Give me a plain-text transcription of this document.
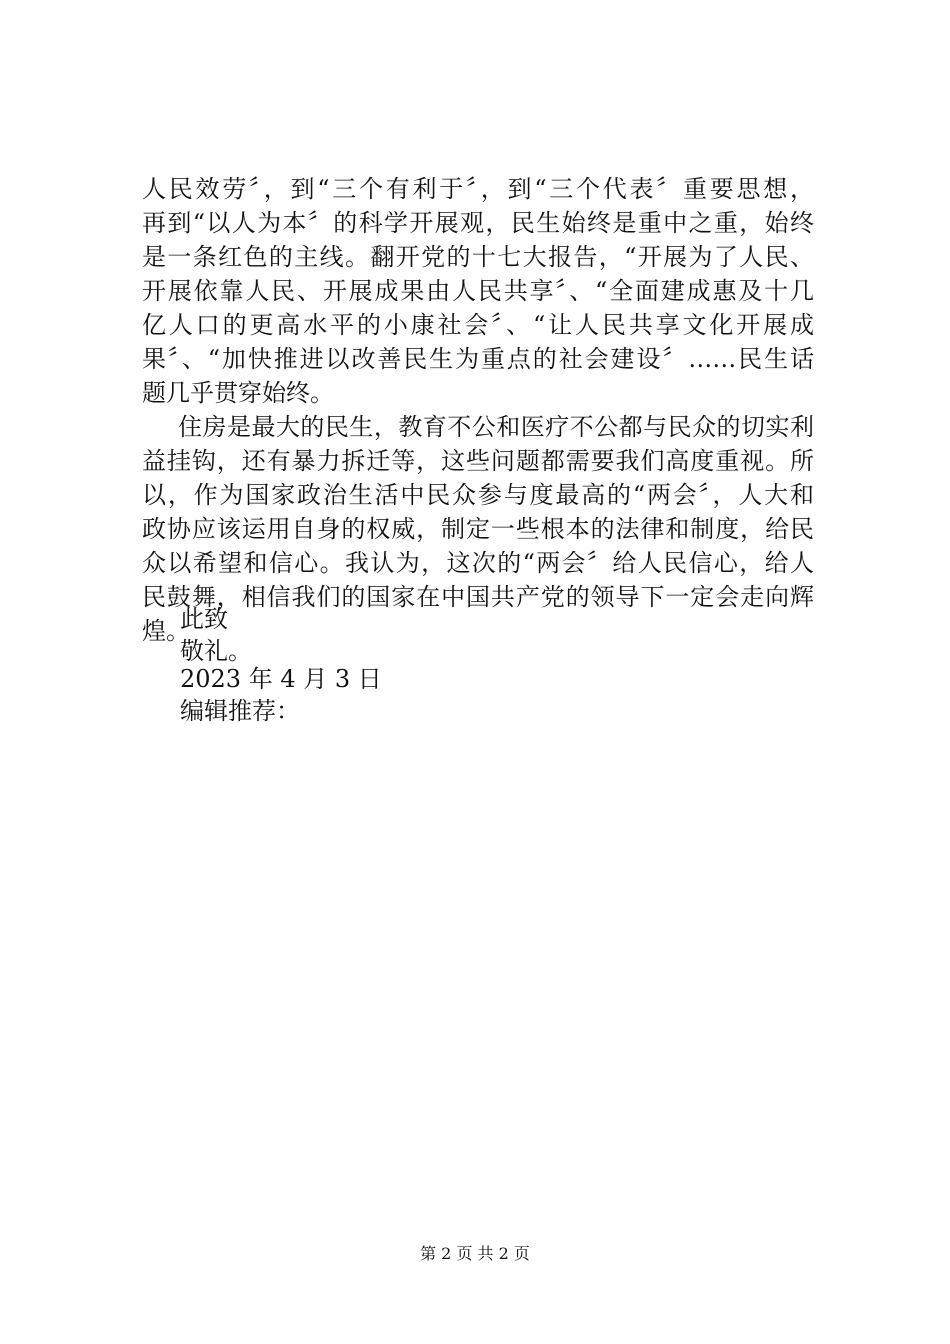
人民效劳〞，到“三个有利于〞，到“三个代表〞重要思想，
再到“以人为本〞的科学开展观，民生始终是重中之重，始终
是一条红色的主线。翻开党的十七大报告，“开展为了人民、
开展依靠人民、开展成果由人民共享〞、“全面建成惠及十几
亿人口的更高水平的小康社会〞、“让人民共享文化开展成
果〞、“加快推进以改善民生为重点的社会建设〞……民生话
题几乎贯穿始终。
住房是最大的民生，教育不公和医疗不公都与民众的切实利
益挂钩，还有暴力拆迁等，这些问题都需要我们高度重视。所
以，作为国家政治生活中民众参与度最高的“两会〞，人大和
政协应该运用自身的权威，制定一些根本的法律和制度，给民
众以希望和信心。我认为，这次的“两会〞给人民信心，给人
民鼓舞，相信我们的国家在中国共产党的领导下一定会走向辉
煌。
此致
敬礼。
2023 年 4 月 3 日
编辑推荐：
第 2 页 共 2 页
